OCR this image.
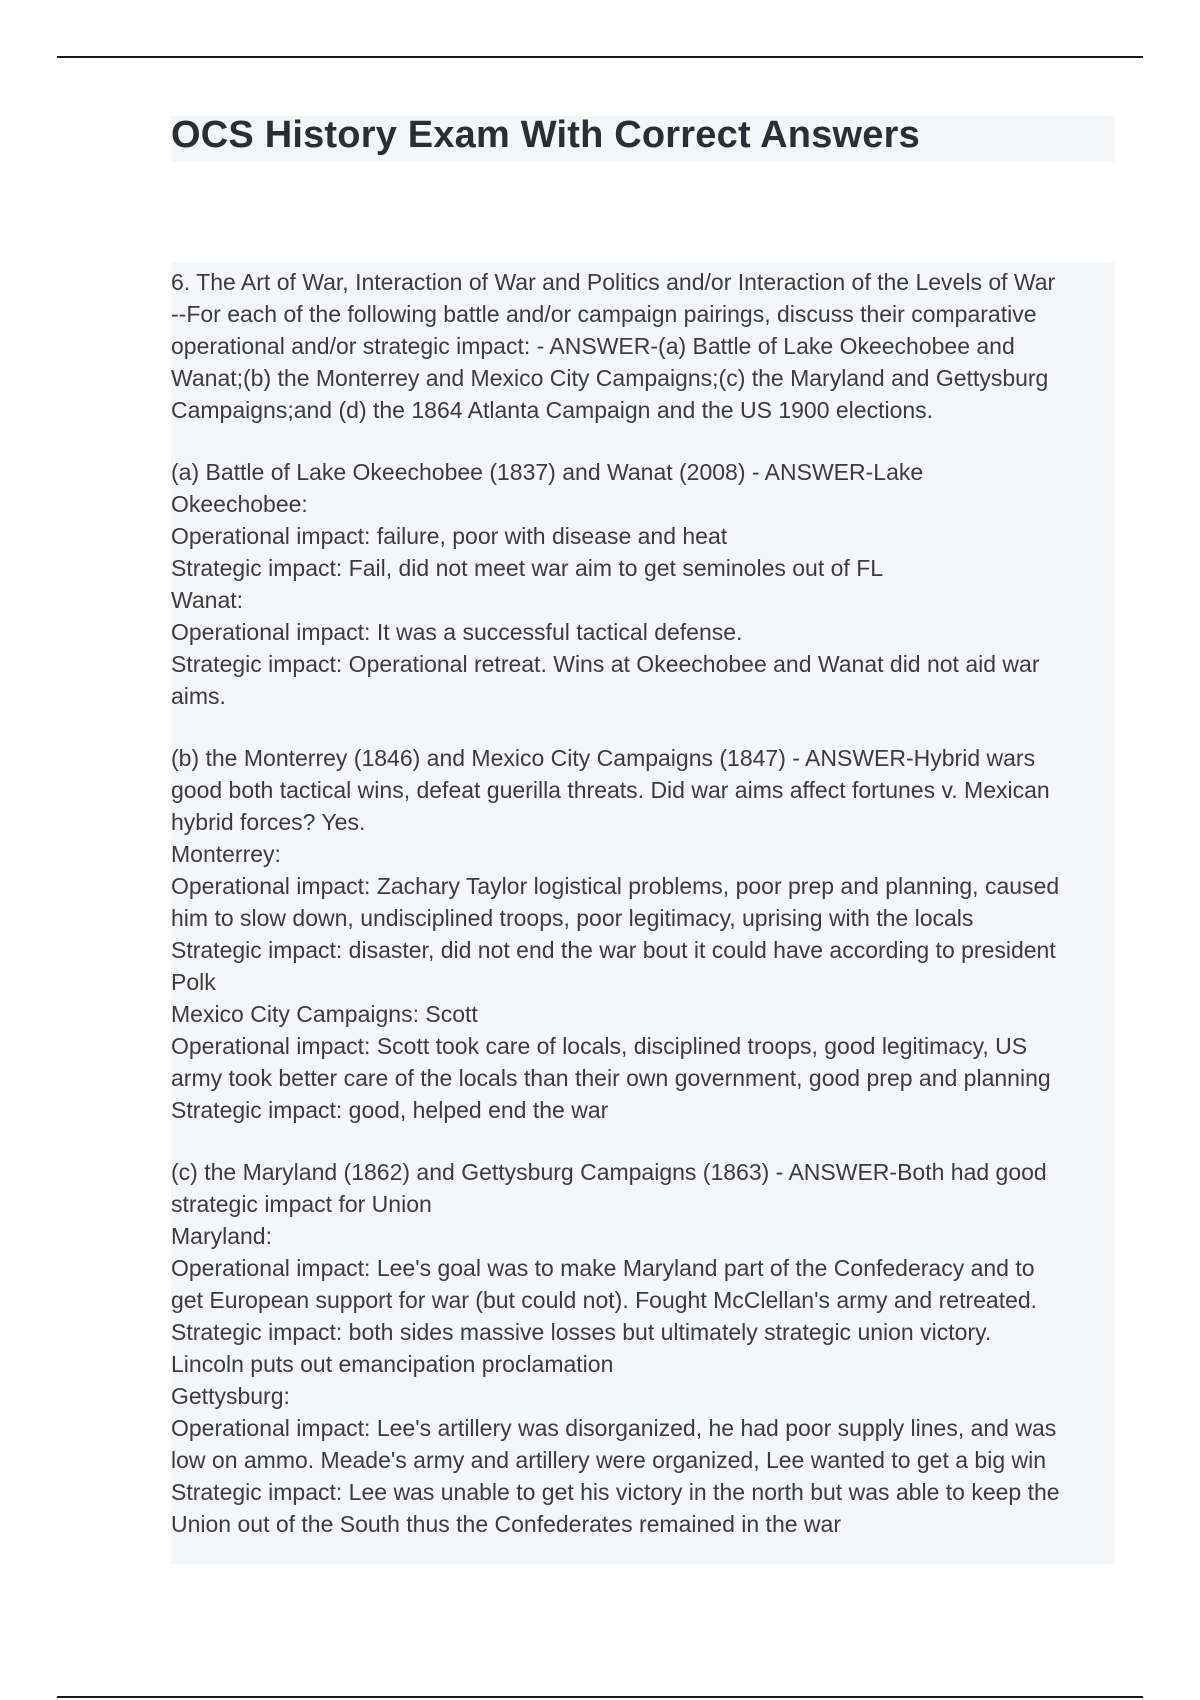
OCS History Exam With Correct Answers
6. The Art of War, Interaction of War and Politics and/or Interaction of the Levels of War
--For each of the following battle and/or campaign pairings, discuss their comparative
operational and/or strategic impact: - ANSWER-(a) Battle of Lake Okeechobee and
Wanat;(b) the Monterrey and Mexico City Campaigns;(c) the Maryland and Gettysburg
Campaigns;and (d) the 1864 Atlanta Campaign and the US 1900 elections.
(a) Battle of Lake Okeechobee (1837) and Wanat (2008) - ANSWER-Lake
Okeechobee:
Operational impact: failure, poor with disease and heat
Strategic impact: Fail, did not meet war aim to get seminoles out of FL
Wanat:
Operational impact: It was a successful tactical defense.
Strategic impact: Operational retreat. Wins at Okeechobee and Wanat did not aid war
aims.
(b) the Monterrey (1846) and Mexico City Campaigns (1847) - ANSWER-Hybrid wars
good both tactical wins, defeat guerilla threats. Did war aims affect fortunes v. Mexican
hybrid forces? Yes.
Monterrey:
Operational impact: Zachary Taylor logistical problems, poor prep and planning, caused
him to slow down, undisciplined troops, poor legitimacy, uprising with the locals
Strategic impact: disaster, did not end the war bout it could have according to president
Polk
Mexico City Campaigns: Scott
Operational impact: Scott took care of locals, disciplined troops, good legitimacy, US
army took better care of the locals than their own government, good prep and planning
Strategic impact: good, helped end the war
(c) the Maryland (1862) and Gettysburg Campaigns (1863) - ANSWER-Both had good
strategic impact for Union
Maryland:
Operational impact: Lee's goal was to make Maryland part of the Confederacy and to
get European support for war (but could not). Fought McClellan's army and retreated.
Strategic impact: both sides massive losses but ultimately strategic union victory.
Lincoln puts out emancipation proclamation
Gettysburg:
Operational impact: Lee's artillery was disorganized, he had poor supply lines, and was
low on ammo. Meade's army and artillery were organized, Lee wanted to get a big win
Strategic impact: Lee was unable to get his victory in the north but was able to keep the
Union out of the South thus the Confederates remained in the war
